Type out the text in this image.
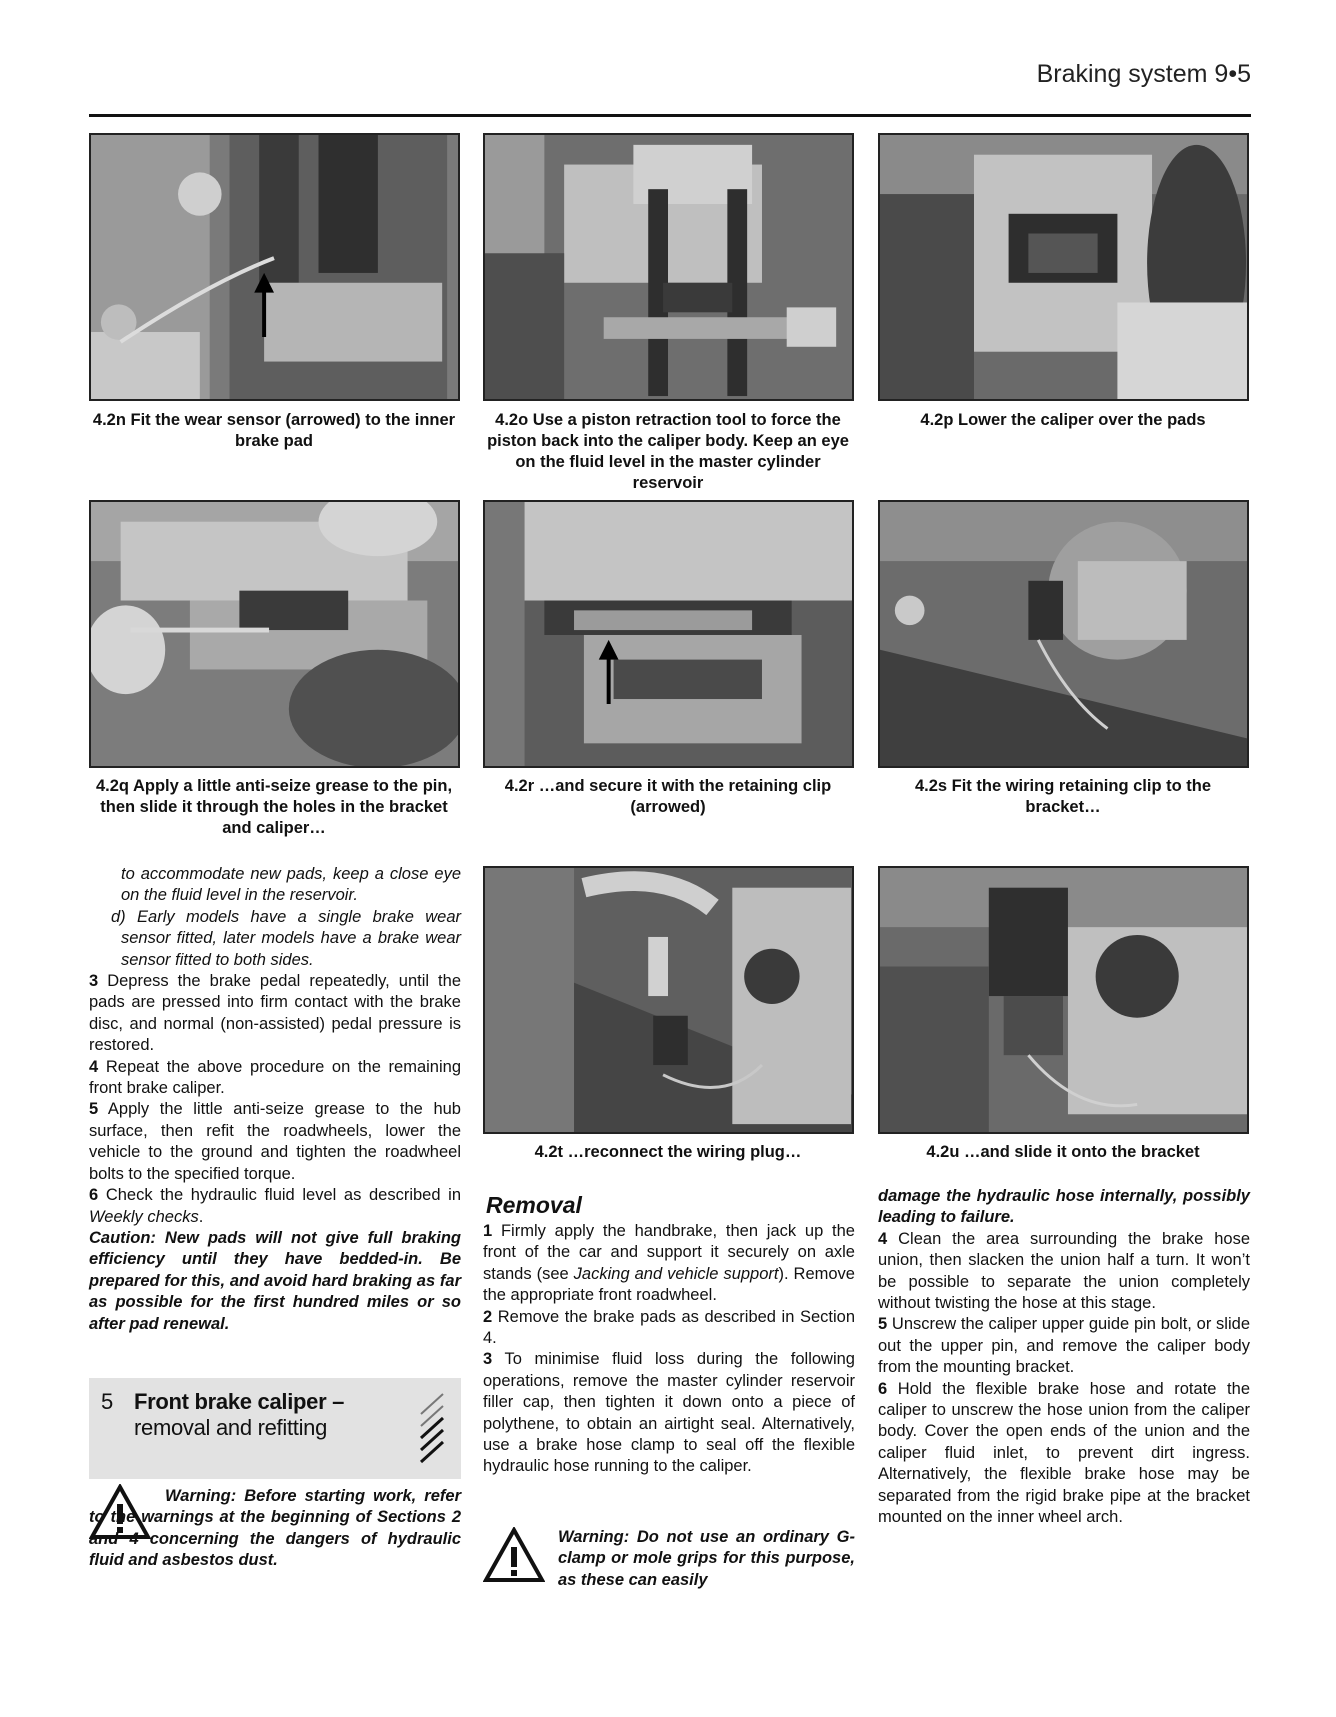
Braking system 9•5
4.2n Fit the wear sensor (arrowed) to the inner brake pad
4.2o Use a piston retraction tool to force the piston back into the caliper body. Keep an eye on the fluid level in the master cylinder reservoir
4.2p Lower the caliper over the pads
4.2q Apply a little anti-seize grease to the pin, then slide it through the holes in the bracket and caliper…
4.2r …and secure it with the retaining clip (arrowed)
4.2s Fit the wiring retaining clip to the bracket…
4.2t …reconnect the wiring plug…	4.2u …and slide it onto the bracket

to accommodate new pads, keep a close eye on the fluid level in the reservoir.

d) Early models have a single brake wear sensor fitted, later models have a brake wear sensor fitted to both sides.

3 Depress the brake pedal repeatedly, until the pads are pressed into firm contact with the brake disc, and normal (non-assisted) pedal pressure is restored.

4 Repeat the above procedure on the remaining front brake caliper.

5 Apply the little anti-seize grease to the hub surface, then refit the roadwheels, lower the vehicle to the ground and tighten the roadwheel bolts to the specified torque.

6 Check the hydraulic fluid level as described in Weekly checks.

Caution: New pads will not give full braking efficiency until they have bedded-in. Be prepared for this, and avoid hard braking as far as possible for the first hundred miles or so after pad renewal.

5 Front brake caliper –
removal and refitting
Warning: Before starting work, refer to the warnings at the beginning of Sections 2 and 4 concerning the dangers of hydraulic fluid and asbestos dust.
Removal

1 Firmly apply the handbrake, then jack up the front of the car and support it securely on axle stands (see Jacking and vehicle support). Remove the appropriate front roadwheel.

2 Remove the brake pads as described in Section 4.

3 To minimise fluid loss during the following operations, remove the master cylinder reservoir filler cap, then tighten it down onto a piece of polythene, to obtain an airtight seal. Alternatively, use a brake hose clamp to seal off the flexible hydraulic hose running to the caliper.

Warning: Do not use an ordinary G-clamp or mole grips for this purpose, as these can easily

damage the hydraulic hose internally, possibly leading to failure.

4 Clean the area surrounding the brake hose union, then slacken the union half a turn. It won’t be possible to separate the union completely without twisting the hose at this stage.

5 Unscrew the caliper upper guide pin bolt, or slide out the upper pin, and remove the caliper body from the mounting bracket.

6 Hold the flexible brake hose and rotate the caliper to unscrew the hose union from the caliper body. Cover the open ends of the union and the caliper fluid inlet, to prevent dirt ingress. Alternatively, the flexible brake hose may be separated from the rigid brake pipe at the bracket mounted on the inner wheel arch.
